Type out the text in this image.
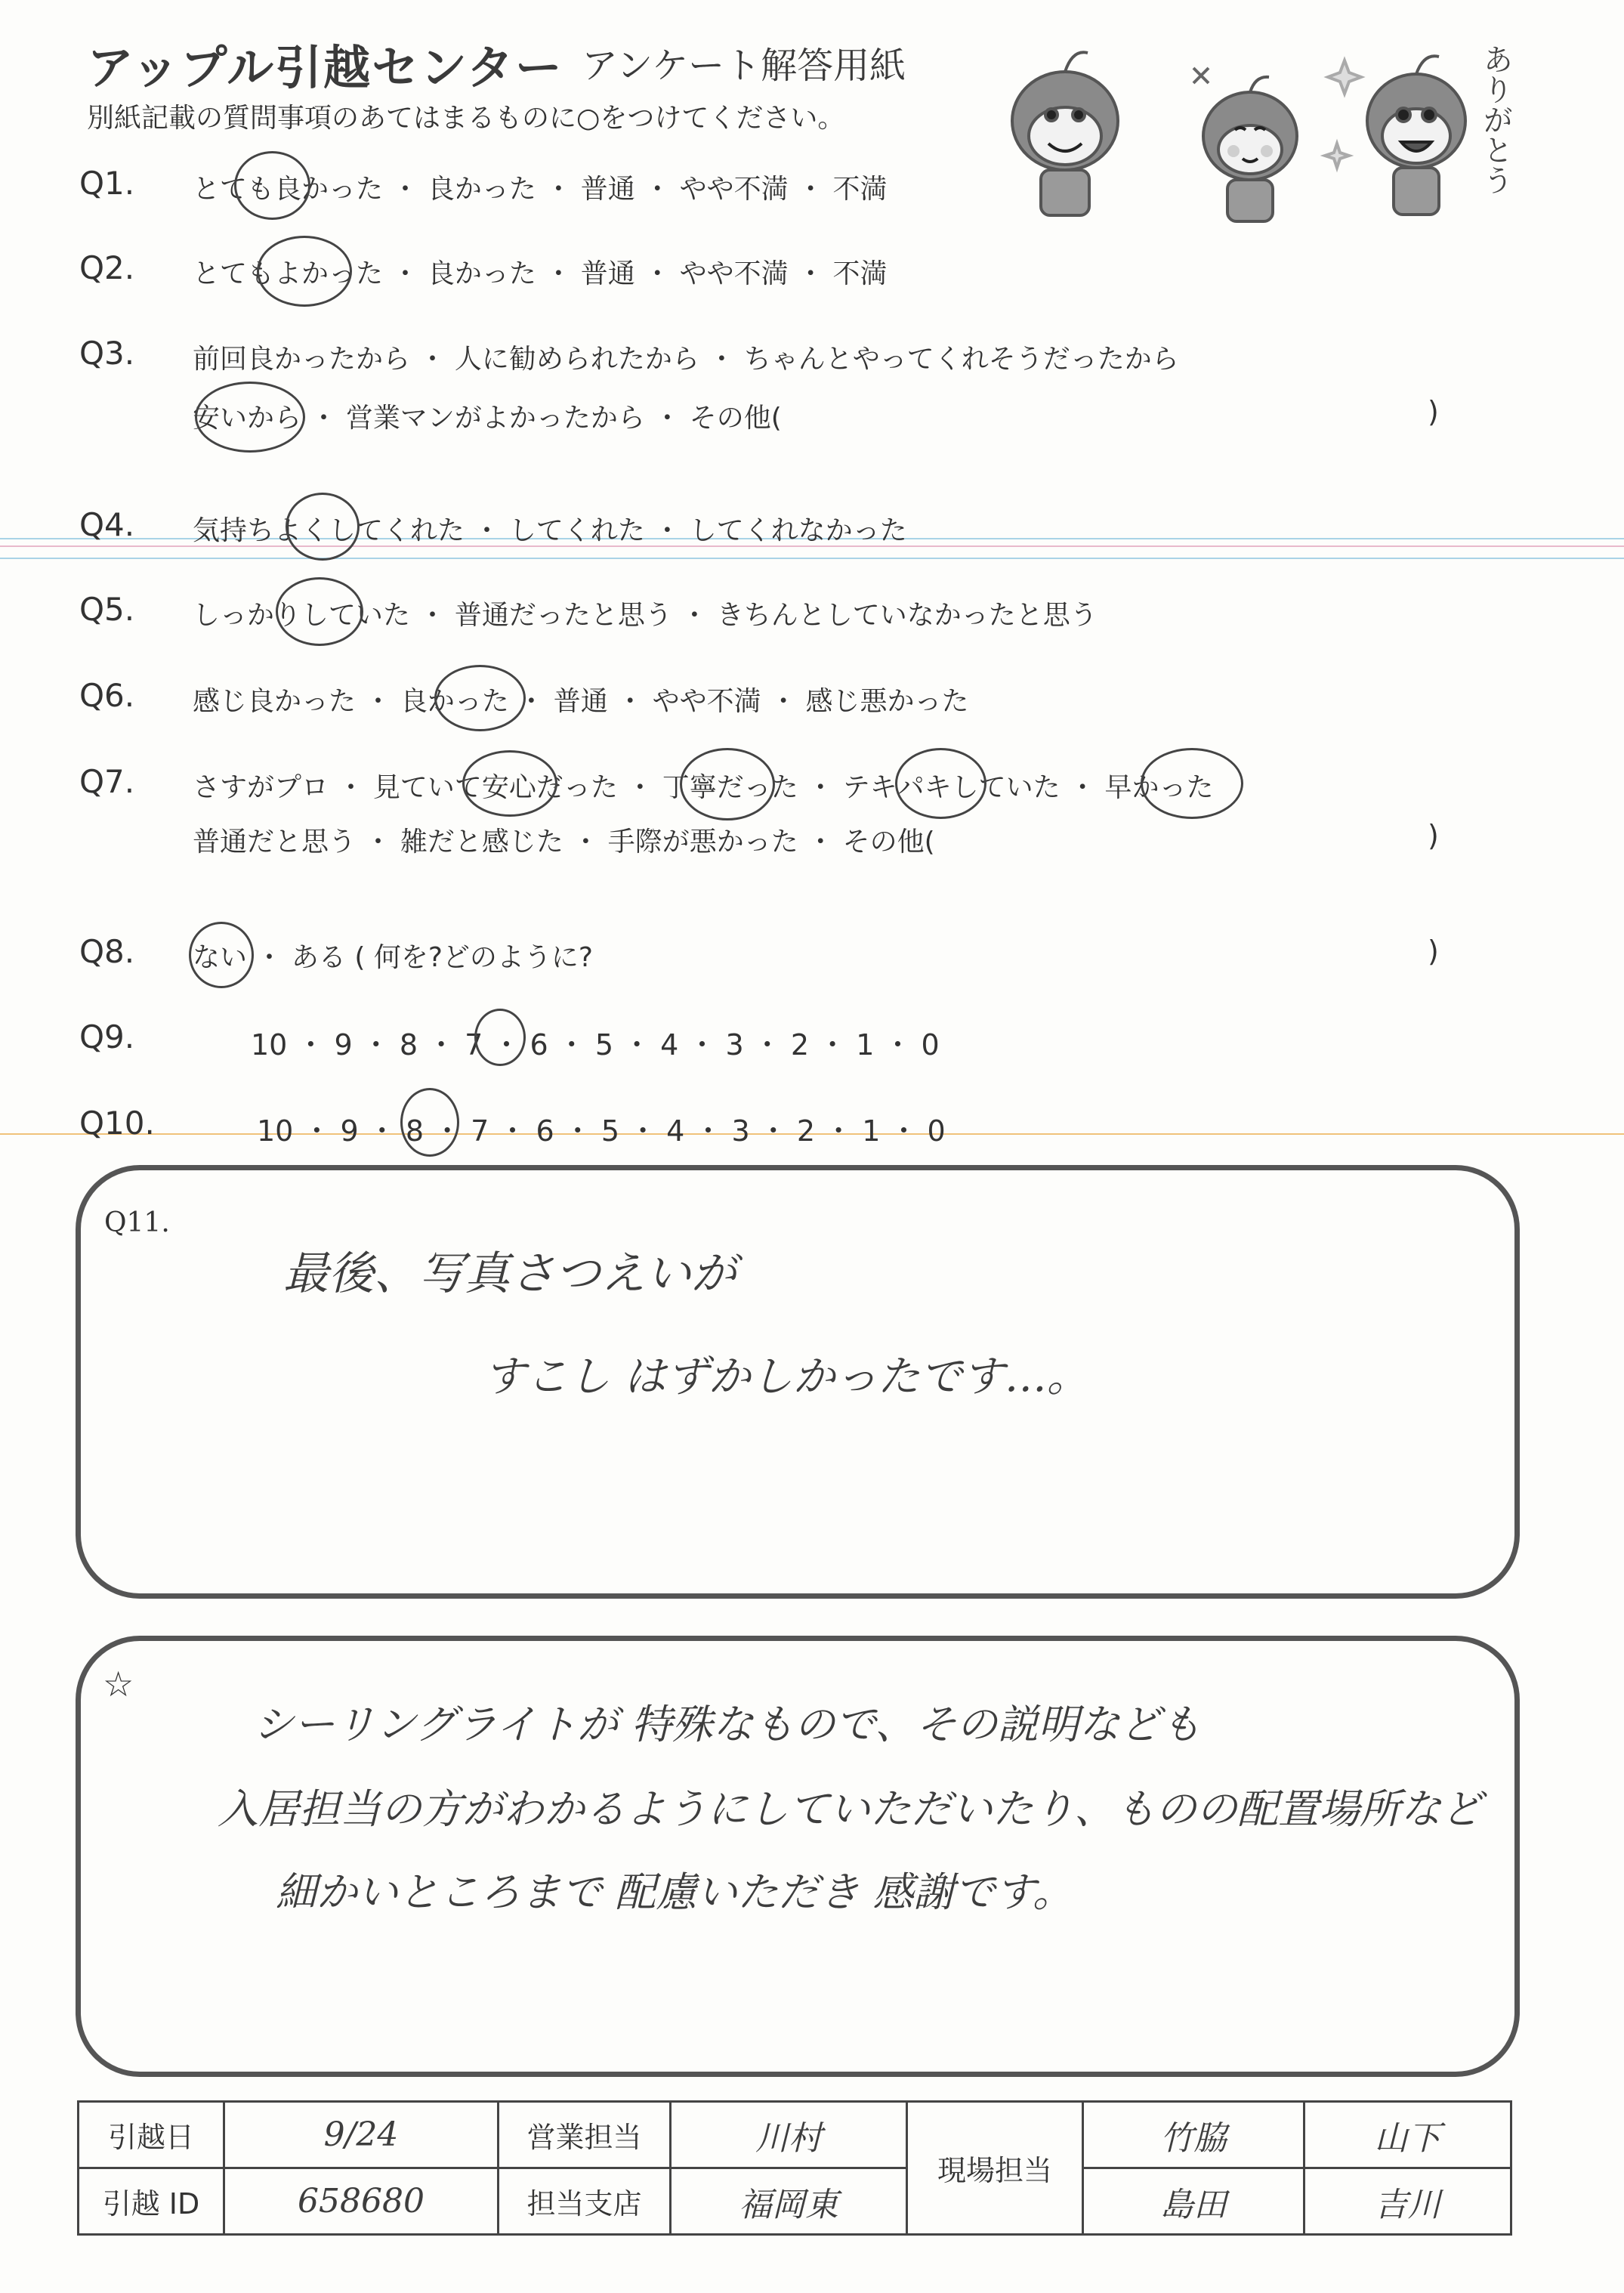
アップル引越センター アンケート解答用紙
別紙記載の質問事項のあてはまるものに○をつけてください。	ありがとう
Q1. とても良かった ・ 良かった ・ 普通 ・ やや不満 ・ 不満
Q2. とてもよかった ・ 良かった ・ 普通 ・ やや不満 ・ 不満
Q3. 前回良かったから ・ 人に勧められたから ・ ちゃんとやってくれそうだったから
安いから ・ 営業マンがよかったから ・ その他(	)
Q4. 気持ちよくしてくれた ・ してくれた ・ してくれなかった
Q5. しっかりしていた ・ 普通だったと思う ・ きちんとしていなかったと思う
Q6. 感じ良かった ・ 良かった ・ 普通 ・ やや不満 ・ 感じ悪かった
Q7. さすがプロ ・ 見ていて安心だった ・ 丁寧だった ・ テキパキしていた ・ 早かった
普通だと思う ・ 雑だと感じた ・ 手際が悪かった ・ その他(	)
Q8. ない ・ ある ( 何を?どのように?	)
Q9.	10 ・ 9 ・ 8 ・ 7 ・ 6 ・ 5 ・ 4 ・ 3 ・ 2 ・ 1 ・ 0
Q10.	10 ・ 9 ・ 8 ・ 7 ・ 6 ・ 5 ・ 4 ・ 3 ・ 2 ・ 1 ・ 0
Q11.
最後、写真さつえいが
すこし はずかしかったです…。
☆
シーリングライトが 特殊なもので、その説明なども
入居担当の方がわかるようにしていただいたり、ものの配置場所など
細かいところまで 配慮いただき 感謝です。
引越日	9/24	営業担当	川村	現場担当	竹脇	山下
引越 ID	658680	担当支店	福岡東		島田	吉川
